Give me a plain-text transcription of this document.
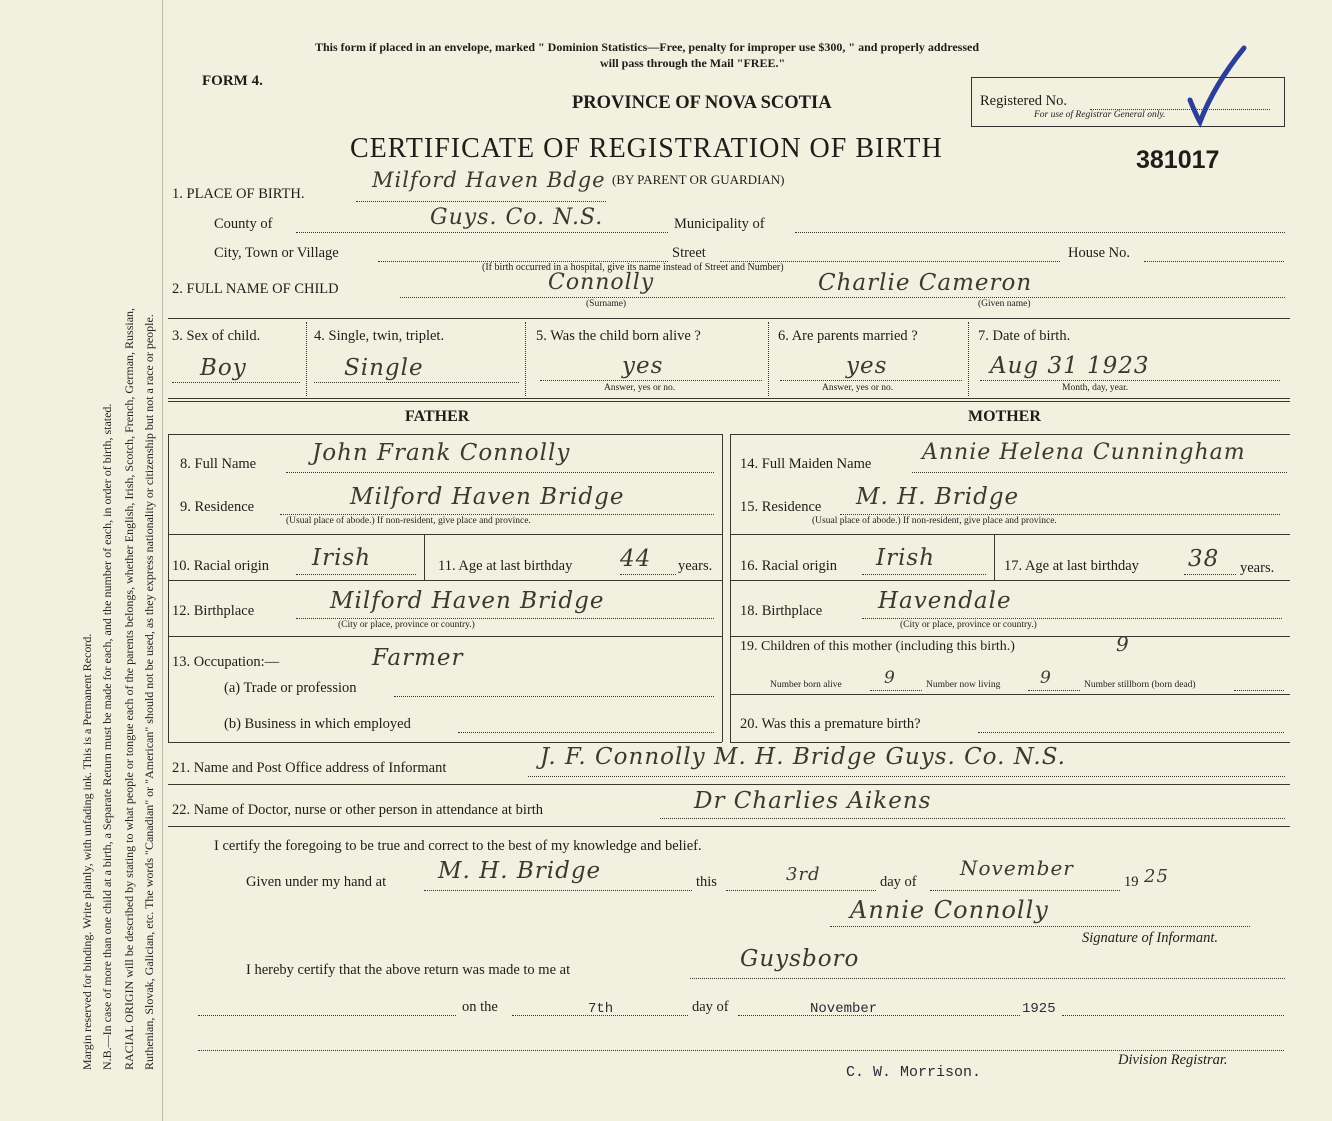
Margin reserved for binding. Write plainly, with unfading ink. This is a Permanent Record. N.B.—In case of more than one child at a birth, a Separate Return must be made for each, and the number of each, in order of birth, stated. RACIAL ORIGIN will be described by stating to what people or tongue each of the parents belongs, whether English, Irish, Scotch, French, German, Russian, Ruthenian, Slovak, Galician, etc. The words "Canadian" or "American" should not be used, as they express nationality or citizenship but not a race or people.
This form if placed in an envelope, marked " Dominion Statistics—Free, penalty for improper use $300, " and properly addressed
will pass through the Mail "FREE."
FORM 4.
PROVINCE OF NOVA SCOTIA
CERTIFICATE OF REGISTRATION OF BIRTH
Registered No.
For use of Registrar General only.
381017
1. PLACE OF BIRTH.
Milford Haven Bdge (BY PARENT OR GUARDIAN)
County of	Guys. Co. N.S.	Municipality of
City, Town or Village	Street	House No.
(If birth occurred in a hospital, give its name instead of Street and Number)
2. FULL NAME OF CHILD	Connolly
(Surname)
Charlie Cameron
(Given name)
3. Sex of child.
Boy
4. Single, twin, triplet.
Single
5. Was the child born alive ?
yes
Answer, yes or no.
6. Are parents married ?
yes
Answer, yes or no.
7. Date of birth.
Aug 31 1923
Month, day, year.
FATHER	MOTHER
8. Full Name John Frank Connolly
9. Residence	Milford Haven Bridge
(Usual place of abode.) If non-resident, give place and province.
10. Racial origin Irish	11. Age at last birthday 44 years.
12. Birthplace	Milford Haven Bridge
(City or place, province or country.)
13. Occupation:—	Farmer
(a) Trade or profession
(b) Business in which employed
14. Full Maiden Name Annie Helena Cunningham
15. Residence M. H. Bridge
(Usual place of abode.) If non-resident, give place and province.
16. Racial origin Irish	17. Age at last birthday 38 years.
18. Birthplace Havendale
(City or place, province or country.)
19. Children of this mother (including this birth.)	9
Number born alive 9	Number now living 9	Number stillborn (born dead)
20. Was this a premature birth?
21. Name and Post Office address of Informant	J. F. Connolly M. H. Bridge Guys. Co. N.S.
22. Name of Doctor, nurse or other person in attendance at birth	Dr Charlies Aikens
I certify the foregoing to be true and correct to the best of my knowledge and belief.
Given under my hand at M. H. Bridge	this	3rd	day of
November
19 25
Annie Connolly
Signature of Informant.
I hereby certify that the above return was made to me at	Guysboro
on the	7th	day of	November	1925
Division Registrar.
C. W. Morrison.
